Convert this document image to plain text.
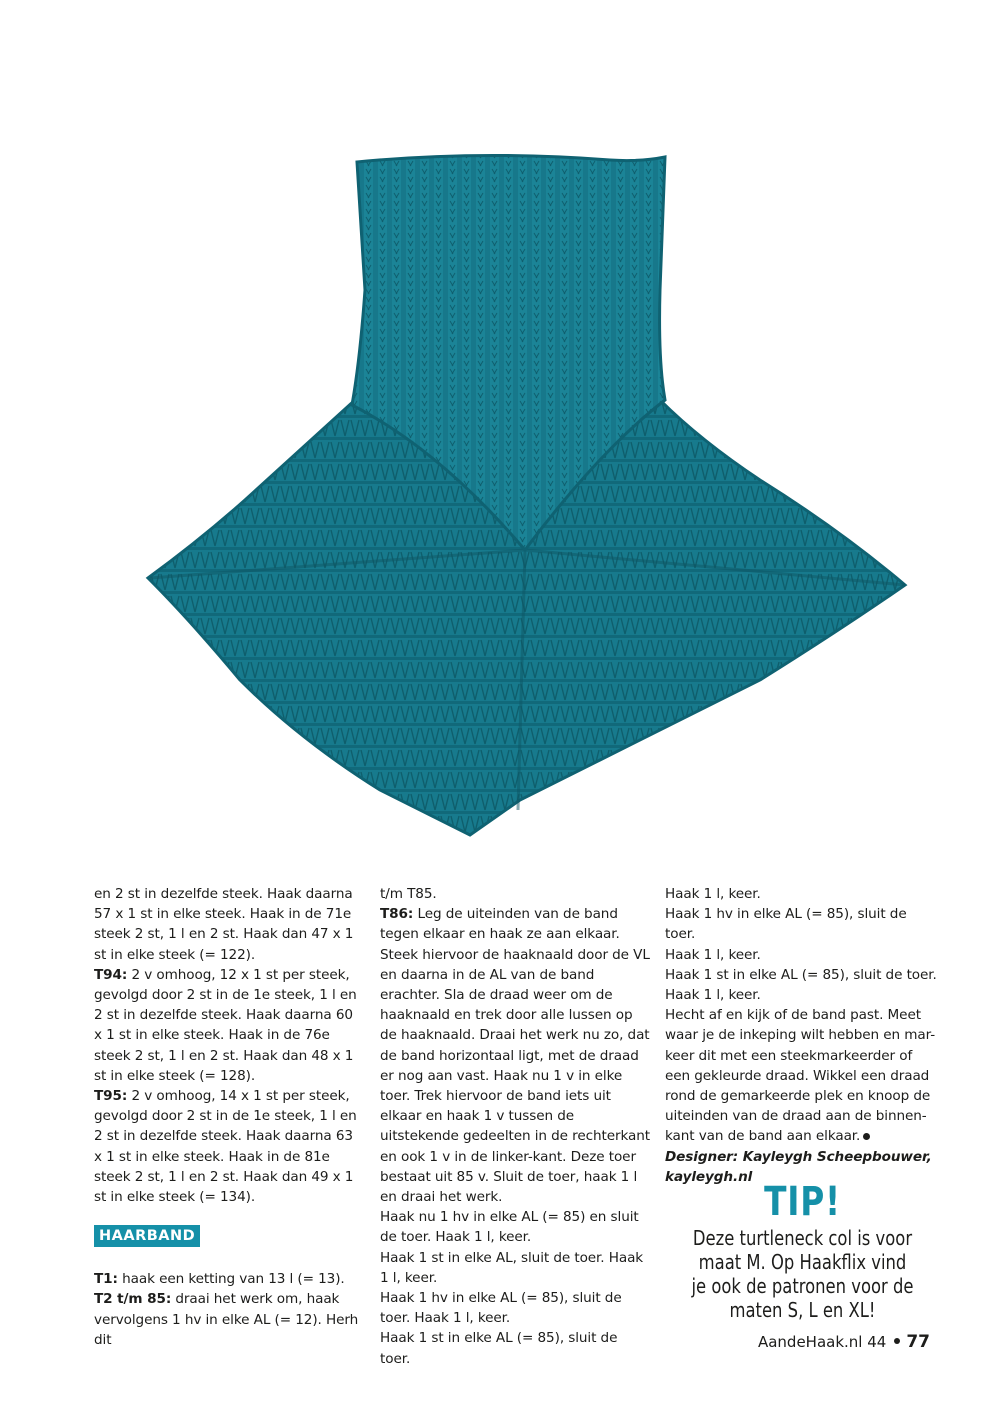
en 2 st in dezelfde steek. Haak daarna 57 x 1 st in elke steek. Haak in de 71e steek 2 st, 1 l en 2 st. Haak dan 47 x 1 st in elke steek (= 122).

T94: 2 v omhoog, 12 x 1 st per steek, gevolgd door 2 st in de 1e steek, 1 l en 2 st in dezelfde steek. Haak daarna 60 x 1 st in elke steek. Haak in de 76e steek 2 st, 1 l en 2 st. Haak dan 48 x 1 st in elke steek (= 128).

T95: 2 v omhoog, 14 x 1 st per steek, gevolgd door 2 st in de 1e steek, 1 l en 2 st in dezelfde steek. Haak daarna 63 x 1 st in elke steek. Haak in de 81e steek 2 st, 1 l en 2 st. Haak dan 49 x 1 st in elke steek (= 134).

HAARBAND

T1: haak een ketting van 13 l (= 13).

T2 t/m 85: draai het werk om, haak vervolgens 1 hv in elke AL (= 12). Herh dit

t/m T85.

T86: Leg de uiteinden van de band tegen elkaar en haak ze aan elkaar. Steek hiervoor de haaknaald door de VL en daarna in de AL van de band erachter. Sla de draad weer om de haaknaald en trek door alle lussen op de haaknaald. Draai het werk nu zo, dat de band horizontaal ligt, met de draad er nog aan vast. Haak nu 1 v in elke toer. Trek hiervoor de band iets uit elkaar en haak 1 v tussen de uitstekende gedeelten in de rechterkant en ook 1 v in de linker-kant. Deze toer bestaat uit 85 v. Sluit de toer, haak 1 l en draai het werk.

Haak nu 1 hv in elke AL (= 85) en sluit de toer. Haak 1 l, keer.

Haak 1 st in elke AL, sluit de toer. Haak 1 l, keer.

Haak 1 hv in elke AL (= 85), sluit de toer. Haak 1 l, keer.

Haak 1 st in elke AL (= 85), sluit de toer.

Haak 1 l, keer.

Haak 1 hv in elke AL (= 85), sluit de toer.

Haak 1 l, keer.

Haak 1 st in elke AL (= 85), sluit de toer.

Haak 1 l, keer.

Hecht af en kijk of de band past. Meet waar je de inkeping wilt hebben en mar-keer dit met een steekmarkeerder of een gekleurde draad. Wikkel een draad rond de gemarkeerde plek en knoop de uiteinden van de draad aan de binnen-kant van de band aan elkaar.

Designer: Kayleygh Scheepbouwer,

kayleygh.nl

TIP!
Deze turtleneck col is voor maat M. Op Haakflix vind je ook de patronen voor de maten S, L en XL!
AandeHaak.nl 44 77
